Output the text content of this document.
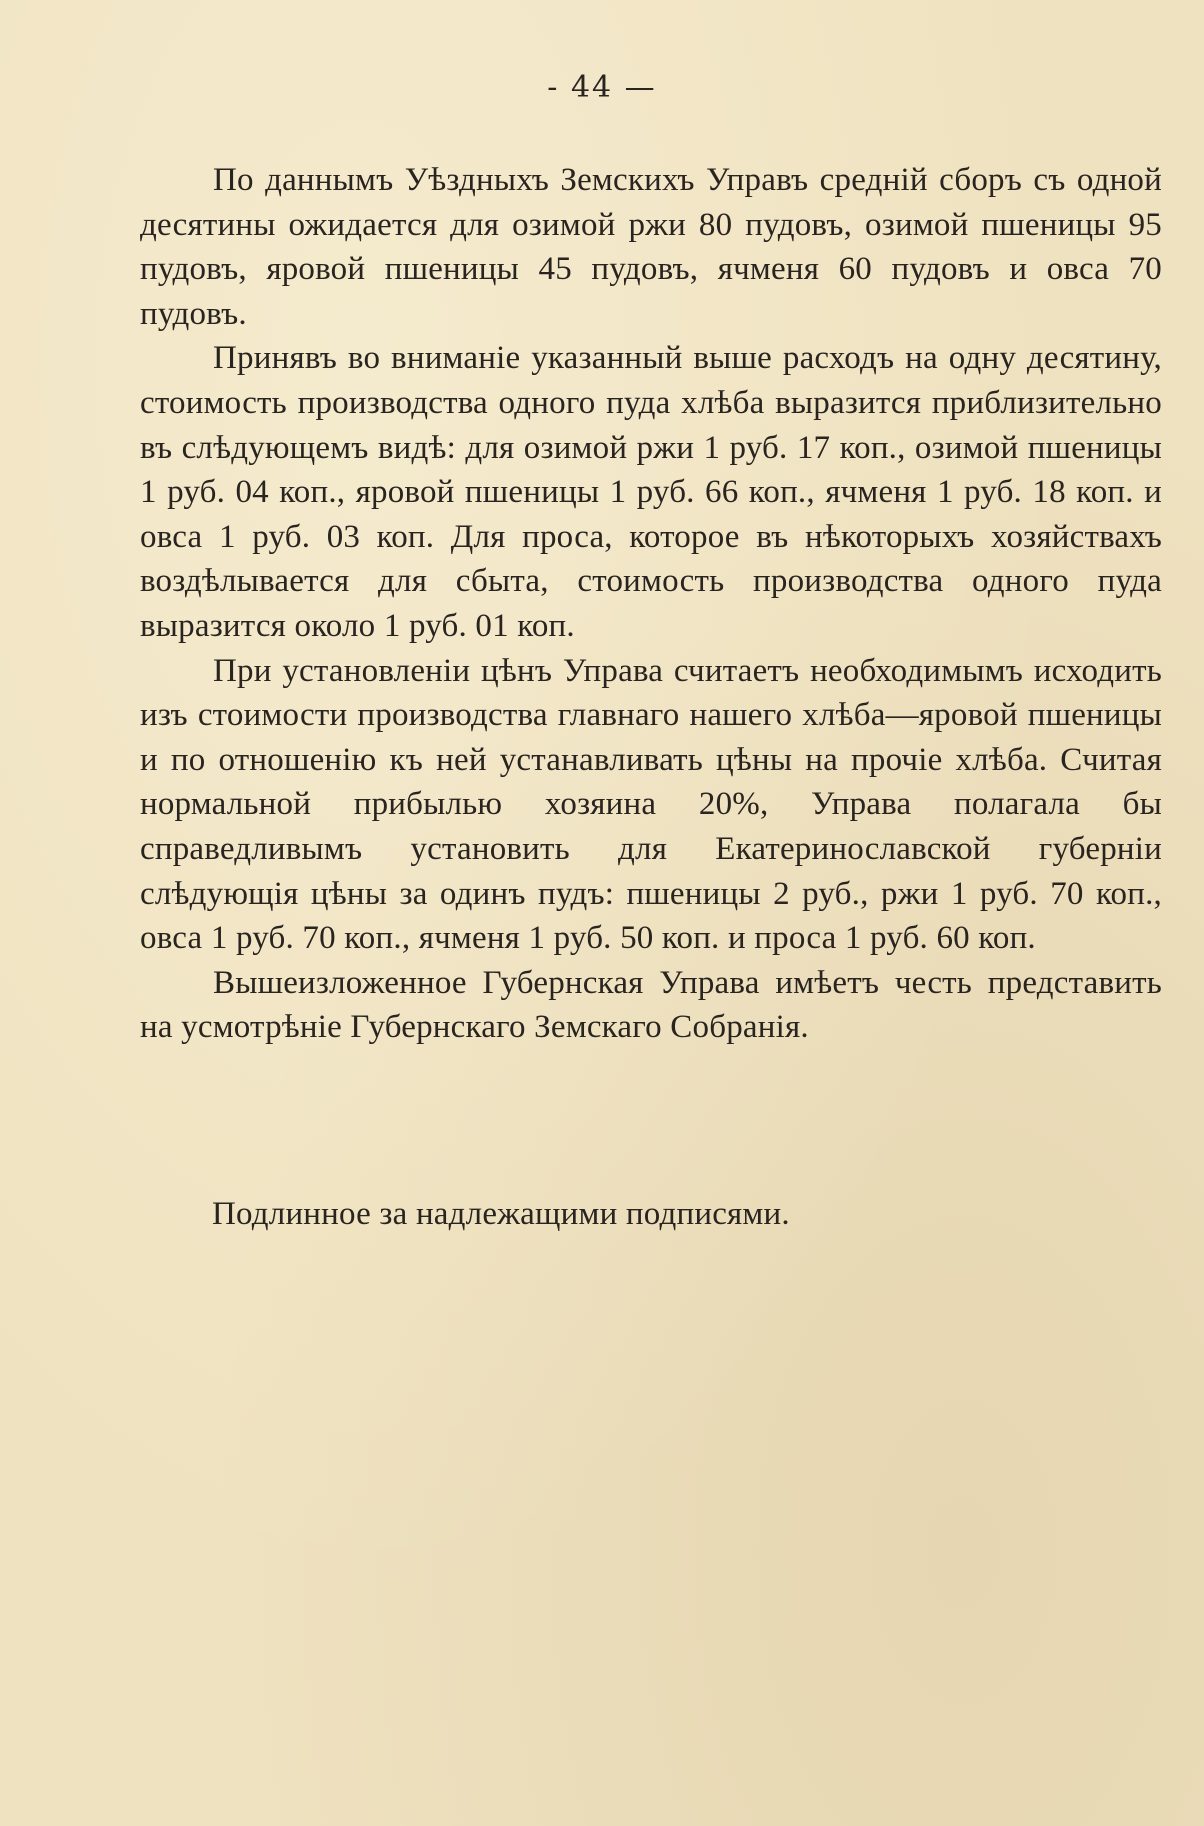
- 44 —

По даннымъ Уѣздныхъ Земскихъ Управъ среднiй сборъ съ одной десятины ожидается для озимой ржи 80 пудовъ, озимой пшеницы 95 пудовъ, яровой пшеницы 45 пудовъ, ячменя 60 пудовъ и овса 70 пудовъ.

Принявъ во вниманiе указанный выше расходъ на одну десятину, стоимость производства одного пуда хлѣба выразится приблизительно въ слѣдующемъ видѣ: для озимой ржи 1 руб. 17 коп., озимой пшеницы 1 руб. 04 коп., яровой пшеницы 1 руб. 66 коп., ячменя 1 руб. 18 коп. и овса 1 руб. 03 коп. Для проса, которое въ нѣкоторыхъ хозяйствахъ воздѣлывается для сбыта, стоимость производства одного пуда выразится около 1 руб. 01 коп.

При установленiи цѣнъ Управа считаетъ необходимымъ исходить изъ стоимости производства главнаго нашего хлѣба—яровой пшеницы и по отношенiю къ ней устанавливать цѣны на прочiе хлѣба. Считая нормальной прибылью хозяина 20%, Управа полагала бы справедливымъ установить для Екатеринославской губернiи слѣдующiя цѣны за одинъ пудъ: пшеницы 2 руб., ржи 1 руб. 70 коп., овса 1 руб. 70 коп., ячменя 1 руб. 50 коп. и проса 1 руб. 60 коп.

Вышеизложенное Губернская Управа имѣетъ честь представить на усмотрѣнiе Губернскаго Земскаго Собранiя.

Подлинное за надлежащими подписями.
